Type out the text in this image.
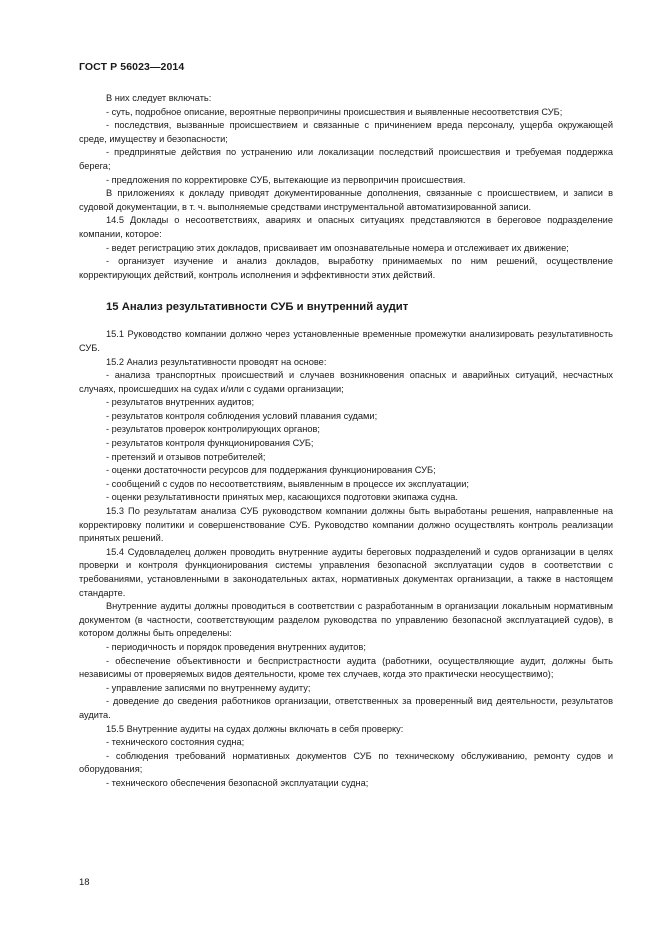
ГОСТ Р 56023—2014

В них следует включать:

- суть, подробное описание, вероятные первопричины происшествия и выявленные несоответствия СУБ;

- последствия, вызванные происшествием и связанные с причинением вреда персоналу, ущерба окружающей среде, имуществу и безопасности;

- предпринятые действия по устранению или локализации последствий происшествия и требуемая поддержка берега;

- предложения по корректировке СУБ, вытекающие из первопричин происшествия.

В приложениях к докладу приводят документированные дополнения, связанные с происшествием, и записи в судовой документации, в т. ч. выполняемые средствами инструментальной автоматизированной записи.

14.5 Доклады о несоответствиях, авариях и опасных ситуациях представляются в береговое подразделение компании, которое:

- ведет регистрацию этих докладов, присваивает им опознавательные номера и отслеживает их движение;

- организует изучение и анализ докладов, выработку принимаемых по ним решений, осуществление корректирующих действий, контроль исполнения и эффективности этих действий.

15 Анализ результативности СУБ и внутренний аудит

15.1 Руководство компании должно через установленные временные промежутки анализировать результативность СУБ.

15.2 Анализ результативности проводят на основе:

- анализа транспортных происшествий и случаев возникновения опасных и аварийных ситуаций, несчастных случаях, происшедших на судах и/или с судами организации;

- результатов внутренних аудитов;

- результатов контроля соблюдения условий плавания судами;

- результатов проверок контролирующих органов;

- результатов контроля функционирования СУБ;

- претензий и отзывов потребителей;

- оценки достаточности ресурсов для поддержания функционирования СУБ;

- сообщений с судов по несоответствиям, выявленным в процессе их эксплуатации;

- оценки результативности принятых мер, касающихся подготовки экипажа судна.

15.3 По результатам анализа СУБ руководством компании должны быть выработаны решения, направленные на корректировку политики и совершенствование СУБ. Руководство компании должно осуществлять контроль реализации принятых решений.

15.4 Судовладелец должен проводить внутренние аудиты береговых подразделений и судов организации в целях проверки и контроля функционирования системы управления безопасной эксплуатации судов в соответствии с требованиями, установленными в законодательных актах, нормативных документах организации, а также в настоящем стандарте.

Внутренние аудиты должны проводиться в соответствии с разработанным в организации локальным нормативным документом (в частности, соответствующим разделом руководства по управлению безопасной эксплуатацией судов), в котором должны быть определены:

- периодичность и порядок проведения внутренних аудитов;

- обеспечение объективности и беспристрастности аудита (работники, осуществляющие аудит, должны быть независимы от проверяемых видов деятельности, кроме тех случаев, когда это практически неосуществимо);

- управление записями по внутреннему аудиту;

- доведение до сведения работников организации, ответственных за проверенный вид деятельности, результатов аудита.

15.5 Внутренние аудиты на судах должны включать в себя проверку:

- технического состояния судна;

- соблюдения требований нормативных документов СУБ по техническому обслуживанию, ремонту судов и оборудования;

- технического обеспечения безопасной эксплуатации судна;

18
